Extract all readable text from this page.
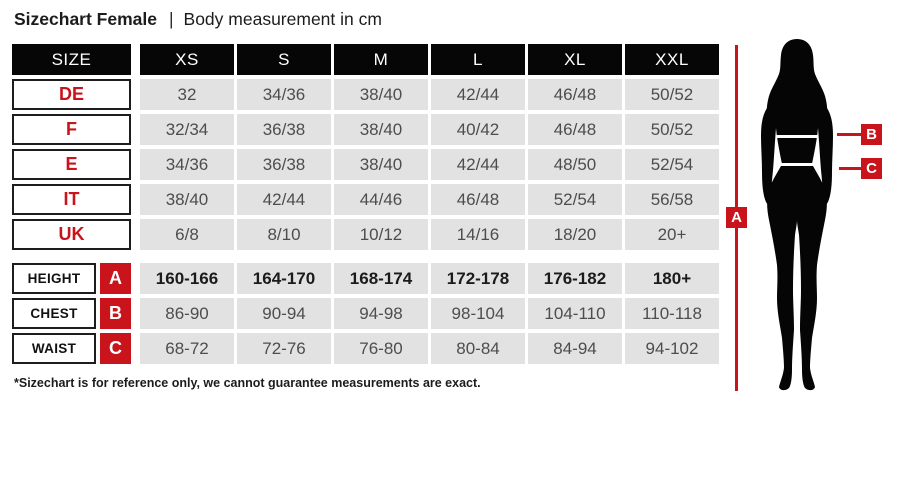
Sizechart Female | Body measurement in cm
SIZE	XS	S	M	L	XL	XXL
DE	32	34/36	38/40	42/44	46/48	50/52
F	32/34	36/38	38/40	40/42	46/48	50/52
E	34/36	36/38	38/40	42/44	48/50	52/54
IT	38/40	42/44	44/46	46/48	52/54	56/58
UK	6/8	8/10	10/12	14/16	18/20	20+
HEIGHT	A	160-166	164-170	168-174	172-178	176-182	180+
CHEST	B	86-90	90-94	94-98	98-104	104-110	110-118
WAIST	C	68-72	72-76	76-80	80-84	84-94	94-102
*Sizechart is for reference only, we cannot guarantee measurements are exact.
A
B
C
